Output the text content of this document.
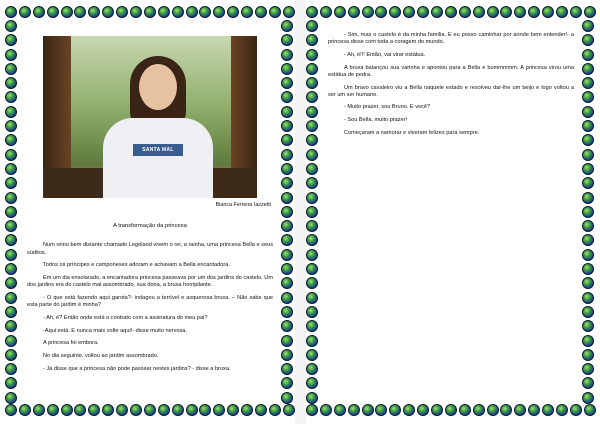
SANTA MAL
Bianca Ferreira Iazzetti
A transformação da princesa

Num reino bem distante chamado Legoland vivem o rei, a rainha, uma princesa Bella e seus súditos.

Todos os príncipes e camponeses adoram e achavam a Bella encantadora.

Em um dia ensolarado, a encantadora princesa passeava por um dos jardins do castelo. Um dos jardins era do castelo mal assombrado, sua dona, a bruxa horripilante.

- O que está fazendo aqui garota?- indagou a terrível e asquerosa bruxa. – Não sabe que esta parte do jardim é minha?

- Ah, é? Então onde está o contrato com a assinatura do meu pai?

-Aqui está. E nunca mais volte aqui!- disse muito nervosa.

A princesa foi embora.

No dia seguinte, voltou ao jardim assombrado.

- Já disse que a princesa não pode passear nestes jardins? - disse a bruxa.

- Sim, mas o castelo é da minha família. E eu posso caminhar por aonde bem entender!- a princesa disse com toda a coragem do mundo.

- Ah, é!!! Então, vai virar estátua.

A bruxa balançou sua varinha e apontou para a Bella e bummmmm. A princesa virou uma estátua de pedra.

Um bravo cavaleiro viu a Bella naquele estado e resolveu dar-lhe um beijo e logo voltou a ser um ser humano.

- Muito prazer, sou Bruno. E você?

- Sou Bella, muito prazer!

Começaram a namorar e viveram felizes para sempre.
